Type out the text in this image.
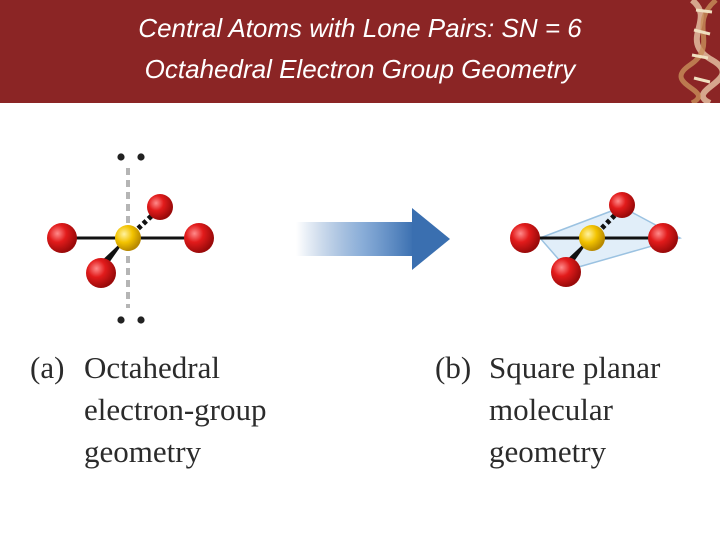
Central Atoms with Lone Pairs: SN = 6
Octahedral Electron Group Geometry
(a) Octahedral
electron-group
geometry
(b) Square planar
molecular
geometry
